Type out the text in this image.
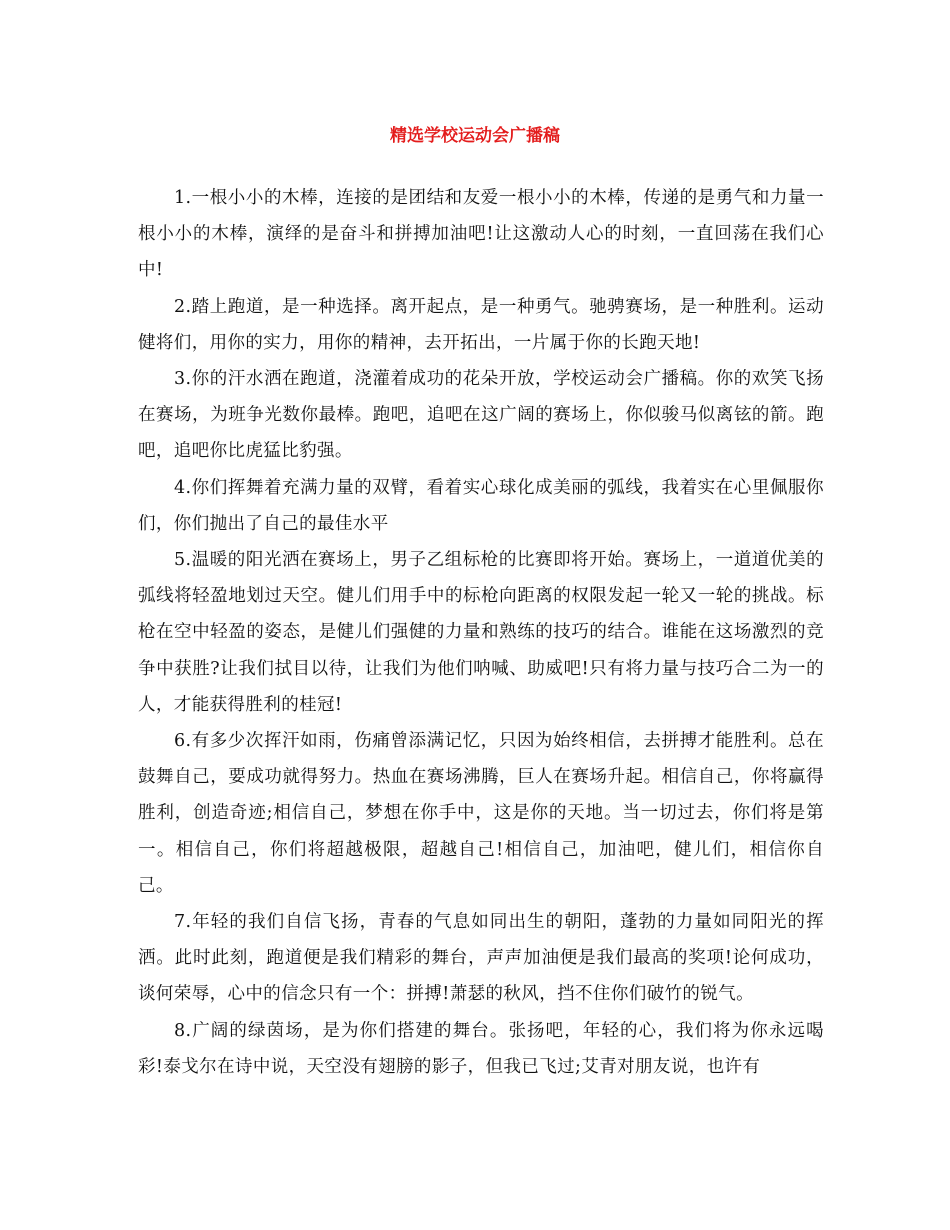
精选学校运动会广播稿

1.一根小小的木棒，连接的是团结和友爱一根小小的木棒，传递的是勇气和力量一根小小的木棒，演绎的是奋斗和拼搏加油吧!让这激动人心的时刻，一直回荡在我们心中!

2.踏上跑道，是一种选择。离开起点，是一种勇气。驰骋赛场，是一种胜利。运动健将们，用你的实力，用你的精神，去开拓出，一片属于你的长跑天地!

3.你的汗水洒在跑道，浇灌着成功的花朵开放，学校运动会广播稿。你的欢笑飞扬在赛场，为班争光数你最棒。跑吧，追吧在这广阔的赛场上，你似骏马似离铉的箭。跑吧，追吧你比虎猛比豹强。

4.你们挥舞着充满力量的双臂，看着实心球化成美丽的弧线，我着实在心里佩服你们，你们抛出了自己的最佳水平

5.温暖的阳光洒在赛场上，男子乙组标枪的比赛即将开始。赛场上，一道道优美的弧线将轻盈地划过天空。健儿们用手中的标枪向距离的权限发起一轮又一轮的挑战。标枪在空中轻盈的姿态，是健儿们强健的力量和熟练的技巧的结合。谁能在这场激烈的竞争中获胜?让我们拭目以待，让我们为他们呐喊、助威吧!只有将力量与技巧合二为一的人，才能获得胜利的桂冠!

6.有多少次挥汗如雨，伤痛曾添满记忆，只因为始终相信，去拼搏才能胜利。总在鼓舞自己，要成功就得努力。热血在赛场沸腾，巨人在赛场升起。相信自己，你将赢得胜利，创造奇迹;相信自己，梦想在你手中，这是你的天地。当一切过去，你们将是第一。相信自己，你们将超越极限，超越自己!相信自己，加油吧，健儿们，相信你自己。

7.年轻的我们自信飞扬，青春的气息如同出生的朝阳，蓬勃的力量如同阳光的挥洒。此时此刻，跑道便是我们精彩的舞台，声声加油便是我们最高的奖项!论何成功，谈何荣辱，心中的信念只有一个：拼搏!萧瑟的秋风，挡不住你们破竹的锐气。

8.广阔的绿茵场，是为你们搭建的舞台。张扬吧，年轻的心，我们将为你永远喝彩!泰戈尔在诗中说，天空没有翅膀的影子，但我已飞过;艾青对朋友说，也许有
